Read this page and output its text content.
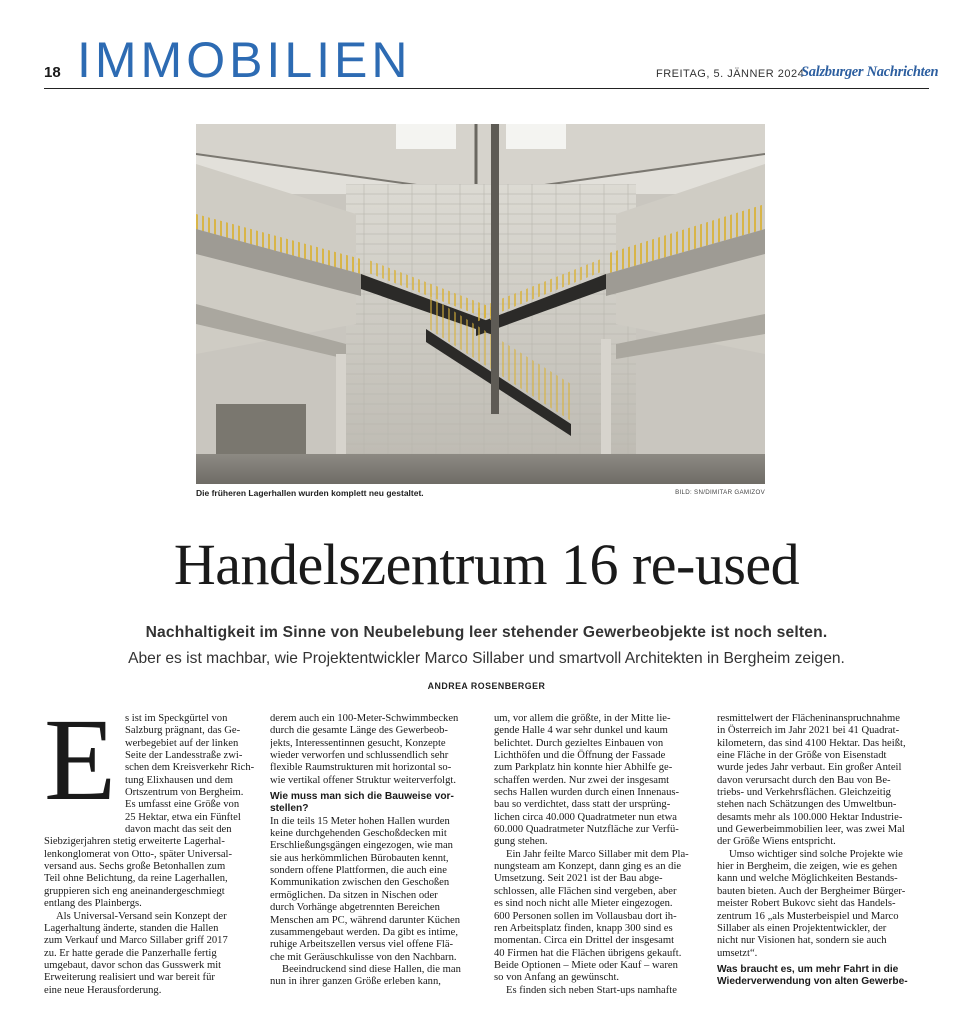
18 IMMOBILIEN	FREITAG, 5. JÄNNER 2024
Salzburger Nachrichten
Die früheren Lagerhallen wurden komplett neu gestaltet.	BILD: SN/DIMITAR GAMIZOV
Handelszentrum 16 re-used
Nachhaltigkeit im Sinne von Neubelebung leer stehender Gewerbeobjekte ist noch selten.
Aber es ist machbar, wie Projektentwickler Marco Sillaber und smartvoll Architekten in Bergheim zeigen.
ANDREA ROSENBERGER
E s ist im Speckgürtel von

Salzburg prägnant, das Ge-

werbegebiet auf der linken

Seite der Landesstraße zwi-

schen dem Kreisverkehr Rich-

tung Elixhausen und dem

Ortszentrum von Bergheim.

Es umfasst eine Größe von

25 Hektar, etwa ein Fünftel

davon macht das seit den

Siebzigerjahren stetig erweiterte Lagerhal-

lenkonglomerat von Otto-, später Universal-

versand aus. Sechs große Betonhallen zum

Teil ohne Belichtung, da reine Lagerhallen,

gruppieren sich eng aneinandergeschmiegt

entlang des Plainbergs.

Als Universal-Versand sein Konzept der

Lagerhaltung änderte, standen die Hallen

zum Verkauf und Marco Sillaber griff 2017

zu. Er hatte gerade die Panzerhalle fertig

umgebaut, davor schon das Gusswerk mit

Erweiterung realisiert und war bereit für

eine neue Herausforderung.

derem auch ein 100-Meter-Schwimmbecken

durch die gesamte Länge des Gewerbeob-

jekts, Interessentinnen gesucht, Konzepte

wieder verworfen und schlussendlich sehr

flexible Raumstrukturen mit horizontal so-

wie vertikal offener Struktur weiterverfolgt.

Wie muss man sich die Bauweise vor-

stellen?

In die teils 15 Meter hohen Hallen wurden

keine durchgehenden Geschoßdecken mit

Erschließungsgängen eingezogen, wie man

sie aus herkömmlichen Bürobauten kennt,

sondern offene Plattformen, die auch eine

Kommunikation zwischen den Geschoßen

ermöglichen. Da sitzen in Nischen oder

durch Vorhänge abgetrennten Bereichen

Menschen am PC, während darunter Küchen

zusammengebaut werden. Da gibt es intime,

ruhige Arbeitszellen versus viel offene Flä-

che mit Geräuschkulisse von den Nachbarn.

Beeindruckend sind diese Hallen, die man

nun in ihrer ganzen Größe erleben kann,

um, vor allem die größte, in der Mitte lie-

gende Halle 4 war sehr dunkel und kaum

belichtet. Durch gezieltes Einbauen von

Lichthöfen und die Öffnung der Fassade

zum Parkplatz hin konnte hier Abhilfe ge-

schaffen werden. Nur zwei der insgesamt

sechs Hallen wurden durch einen Innenaus-

bau so verdichtet, dass statt der ursprüng-

lichen circa 40.000 Quadratmeter nun etwa

60.000 Quadratmeter Nutzfläche zur Verfü-

gung stehen.

Ein Jahr feilte Marco Sillaber mit dem Pla-

nungsteam am Konzept, dann ging es an die

Umsetzung. Seit 2021 ist der Bau abge-

schlossen, alle Flächen sind vergeben, aber

es sind noch nicht alle Mieter eingezogen.

600 Personen sollen im Vollausbau dort ih-

ren Arbeitsplatz finden, knapp 300 sind es

momentan. Circa ein Drittel der insgesamt

40 Firmen hat die Flächen übrigens gekauft.

Beide Optionen – Miete oder Kauf – waren

so von Anfang an gewünscht.

Es finden sich neben Start-ups namhafte

resmittelwert der Flächeninanspruchnahme

in Österreich im Jahr 2021 bei 41 Quadrat-

kilometern, das sind 4100 Hektar. Das heißt,

eine Fläche in der Größe von Eisenstadt

wurde jedes Jahr verbaut. Ein großer Anteil

davon verursacht durch den Bau von Be-

triebs- und Verkehrsflächen. Gleichzeitig

stehen nach Schätzungen des Umweltbun-

desamts mehr als 100.000 Hektar Industrie-

und Gewerbeimmobilien leer, was zwei Mal

der Größe Wiens entspricht.

Umso wichtiger sind solche Projekte wie

hier in Bergheim, die zeigen, wie es gehen

kann und welche Möglichkeiten Bestands-

bauten bieten. Auch der Bergheimer Bürger-

meister Robert Bukovc sieht das Handels-

zentrum 16 „als Musterbeispiel und Marco

Sillaber als einen Projektentwickler, der

nicht nur Visionen hat, sondern sie auch

umsetzt“.

Was braucht es, um mehr Fahrt in die

Wiederverwendung von alten Gewerbe-
